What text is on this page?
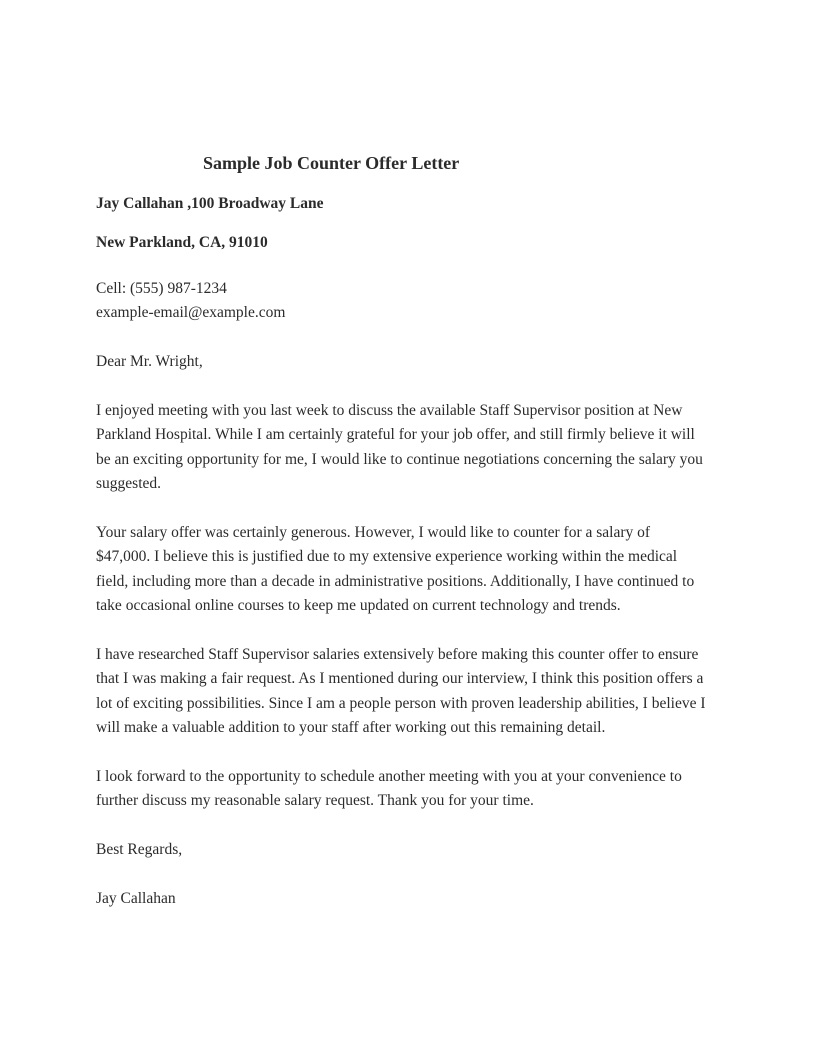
Sample Job Counter Offer Letter
Jay Callahan ,100 Broadway Lane
New Parkland, CA, 91010

Cell: (555) 987-1234

example-email@example.com

Dear Mr. Wright,

I enjoyed meeting with you last week to discuss the available Staff Supervisor position at New Parkland Hospital. While I am certainly grateful for your job offer, and still firmly believe it will be an exciting opportunity for me, I would like to continue negotiations concerning the salary you suggested.

Your salary offer was certainly generous. However, I would like to counter for a salary of $47,000. I believe this is justified due to my extensive experience working within the medical field, including more than a decade in administrative positions. Additionally, I have continued to take occasional online courses to keep me updated on current technology and trends.

I have researched Staff Supervisor salaries extensively before making this counter offer to ensure that I was making a fair request. As I mentioned during our interview, I think this position offers a lot of exciting possibilities. Since I am a people person with proven leadership abilities, I believe I will make a valuable addition to your staff after working out this remaining detail.

I look forward to the opportunity to schedule another meeting with you at your convenience to further discuss my reasonable salary request. Thank you for your time.

Best Regards,

Jay Callahan
